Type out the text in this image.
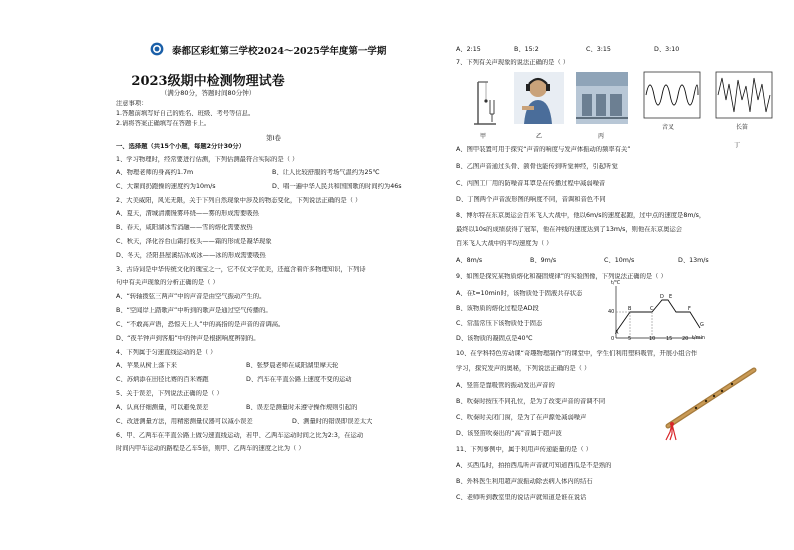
泰都区彩虹第三学校2024～2025学年度第一学期
2023级期中检测物理试卷
（满分80分，答题时间80分钟）
注意事项：
1.答题前填写好自己的姓名、班级、考号等信息。
2.请将答案正确填写在答题卡上。
第Ⅰ卷
一、选择题（共15个小题，每题2分计30分）
1、学习物理时，经常要进行估测，下列估测最符合实际的是（ ）
A、物理老师的身高约1.7m	B、让人比较舒服的考场气温约为25℃
C、大课间扔跑操的速度约为10m/s	D、唱一遍中华人民共和国国歌的时间约为46s
2、大美威阳，风光无限，关于下列自然现象中涉及的物态变化，下列说法正确的是（ ）
A、夏天，渭城清潮馒雾环绕——雾的形成需要吸热
B、春天，咸阳湖冰雪消融——雪的熔化需要放热
C、秋天，泽化谷台山霜打枝头——霜的形成是凝华现象
D、冬天，泾阳县屋溪结冰成冰——冰的形成需要吸热
3、古诗词是中华传统文化的瑰宝之一，它不仅文字优美，还蕴含着许多物理知识，下列诗
句中有关声现象的分析正确的是（ ）
A、“转轴拨弦三两声”中的声音是由空气振动产生的。
B、“空闻岸上踏歌声”中听到的歌声是通过空气传播的。
C、“不敢高声语，恐惊天上人”中的高指的是声音的音调高。
D、“夜半钟声到客船”中的钟声是根据响度辨别的。
4、下列属于匀速直线运动的是（ ）
A、苹果从树上落下来	B、张梦晨老师在咸阳湖里摩天轮
C、苏炳添在田径比赛的百米赛跑	D、汽车在平直公路上速度不变的运动
5、关于误差，下列说法正确的是（ ）
A、认真仔细测量，可以避免误差	B、误差是测量时未遵守操作规则引起的
C、改进测量方法，用精密测量仪器可以减小误差	D、测量时的错误即误差太大
6、甲、乙两车在平直公路上做匀速直线运动，若甲、乙两车运动时间之比为2:3，在运动
时间内甲车运动的路程是乙车5倍，则甲、乙两车的速度之比为（ ）
A、2:15	B、15:2	C、3:15	D、3:10
7、下列有关声现象的说法正确的是（ ）
甲	乙	丙
丁
音叉	长笛
A、图甲装置可用于探究“声音的响度与发声体振动的频率有关”
B、乙图声音通过头骨、颌骨也能传到听觉神经，引起听觉
C、丙图工厂用的防噪音耳罩是在传播过程中减弱噪音
D、丁图两个声音波形图的响度不同，音调和音色不同
8、博尔特在东京奥运会百米飞人大战中，他以6m/s的速度起跑，过中点的速度是8m/s，
最终以10s的成绩获得了冠军，他在冲线的速度达到了13m/s，则他在东京奥运会
百米飞人大战中的平均速度为（ ）
A、8m/s	B、9m/s	C、10m/s	D、13m/s
9、如图是探究某物质熔化和凝固规律”的实验图像，下列说法正确的是（ ）
A、在t=10min时，该物质处于固液共存状态
B、该物质的熔化过程是AD段
C、常温常压下该物质处于固态
D、该物质的凝固点是40℃
t/℃
t/min
0	5	10 15 20
40
A
B	C
D E
F
G
10、在学科特色劳动课“奇趣物理制作”的课堂中，学生们利用塑料吸管，开展小组合作
学习，探究发声的奥秘，下列说法正确的是（ ）
A、竖笛是靠吸管的振动发出声音的
B、吹奏时按压不同孔位，是为了改变声音的音调不同
C、吹奏时关闭门窗，是为了在声源处减弱噪声
D、该竖笛吹奏出的“高”音属于超声波
11、下列事例中，属于利用声传递能量的是（ ）
A、买西瓜时，拍拍西瓜听声音就可知道西瓜是不是熟的
B、外科医生利用超声波振动除去病人体内的结石
C、老师听到教室里的说话声就知道是谁在说话
